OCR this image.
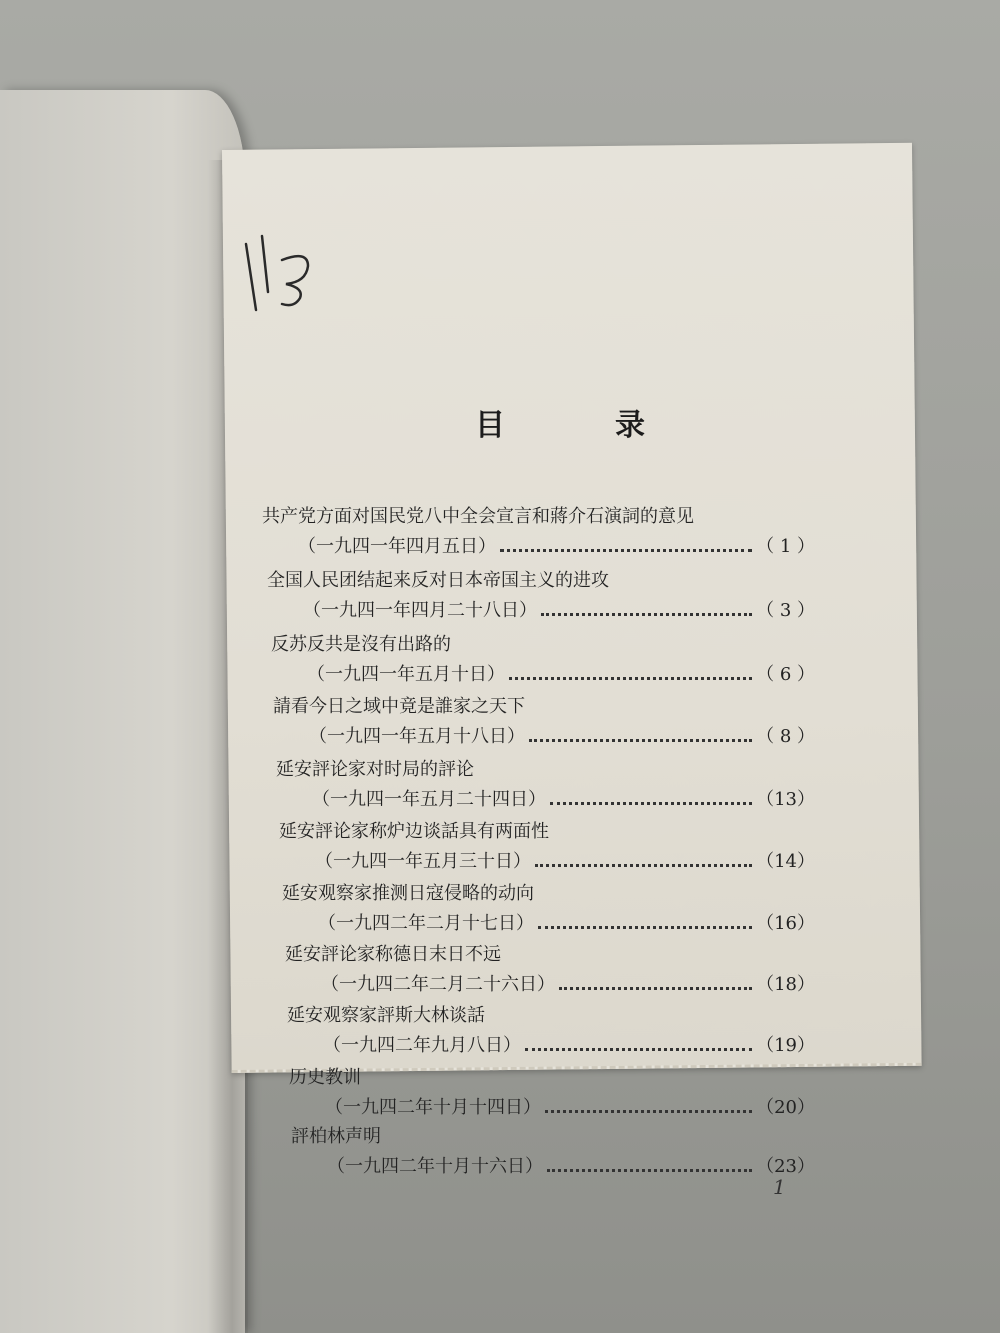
目　录
共产党方面对国民党八中全会宣言和蔣介石演詞的意见
（一九四一年四月五日）	（ 1 ）
全国人民团结起来反对日本帝国主义的进攻
（一九四一年四月二十八日）	（ 3 ）
反苏反共是沒有出路的
（一九四一年五月十日）	（ 6 ）
請看今日之域中竟是誰家之天下
（一九四一年五月十八日）	（ 8 ）
延安評论家对时局的評论
（一九四一年五月二十四日）	（13）
延安評论家称炉边谈話具有两面性
（一九四一年五月三十日）	（14）
延安观察家推测日寇侵略的动向
（一九四二年二月十七日）	（16）
延安評论家称德日末日不远
（一九四二年二月二十六日）	（18）
延安观察家評斯大林谈話
（一九四二年九月八日）	（19）
历史教训
（一九四二年十月十四日）	（20）
評柏林声明
（一九四二年十月十六日）	（23）
1
